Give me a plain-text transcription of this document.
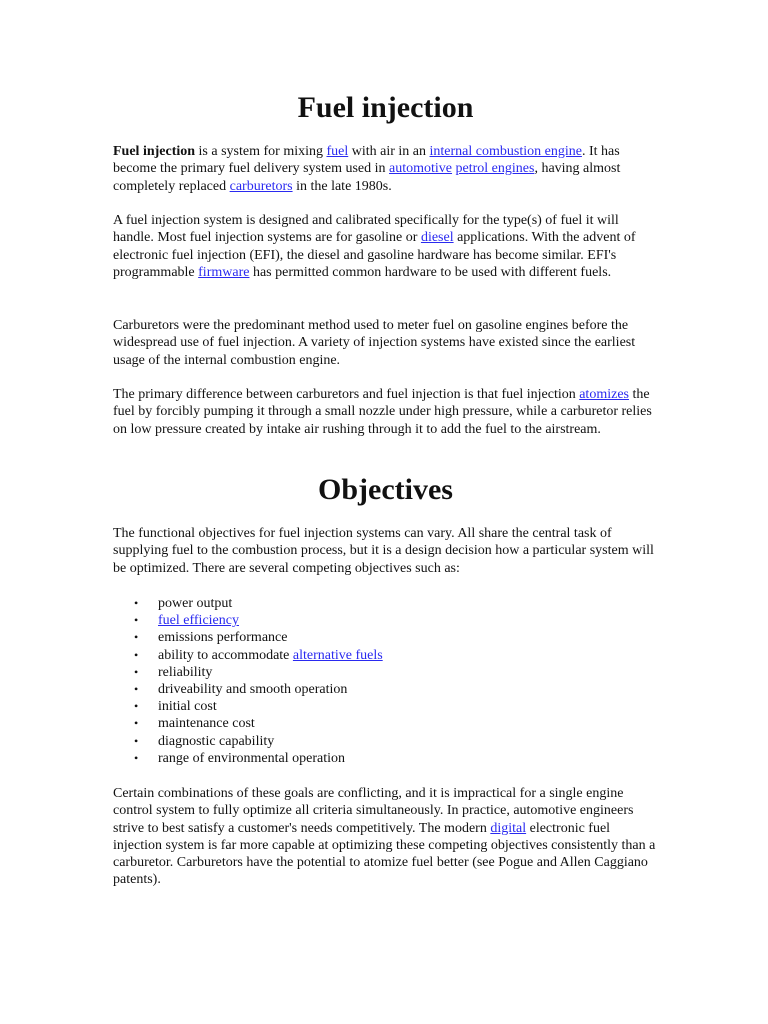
Fuel injection

Fuel injection is a system for mixing fuel with air in an internal combustion engine. It has become the primary fuel delivery system used in automotive petrol engines, having almost completely replaced carburetors in the late 1980s.

A fuel injection system is designed and calibrated specifically for the type(s) of fuel it will handle. Most fuel injection systems are for gasoline or diesel applications. With the advent of electronic fuel injection (EFI), the diesel and gasoline hardware has become similar. EFI's programmable firmware has permitted common hardware to be used with different fuels.

Carburetors were the predominant method used to meter fuel on gasoline engines before the widespread use of fuel injection. A variety of injection systems have existed since the earliest usage of the internal combustion engine.

The primary difference between carburetors and fuel injection is that fuel injection atomizes the fuel by forcibly pumping it through a small nozzle under high pressure, while a carburetor relies on low pressure created by intake air rushing through it to add the fuel to the airstream.

Objectives

The functional objectives for fuel injection systems can vary. All share the central task of supplying fuel to the combustion process, but it is a design decision how a particular system will be optimized. There are several competing objectives such as:

• power output
• fuel efficiency
• emissions performance
• ability to accommodate alternative fuels
• reliability
• driveability and smooth operation
• initial cost
• maintenance cost
• diagnostic capability
• range of environmental operation

Certain combinations of these goals are conflicting, and it is impractical for a single engine control system to fully optimize all criteria simultaneously. In practice, automotive engineers strive to best satisfy a customer's needs competitively. The modern digital electronic fuel injection system is far more capable at optimizing these competing objectives consistently than a carburetor. Carburetors have the potential to atomize fuel better (see Pogue and Allen Caggiano patents).
